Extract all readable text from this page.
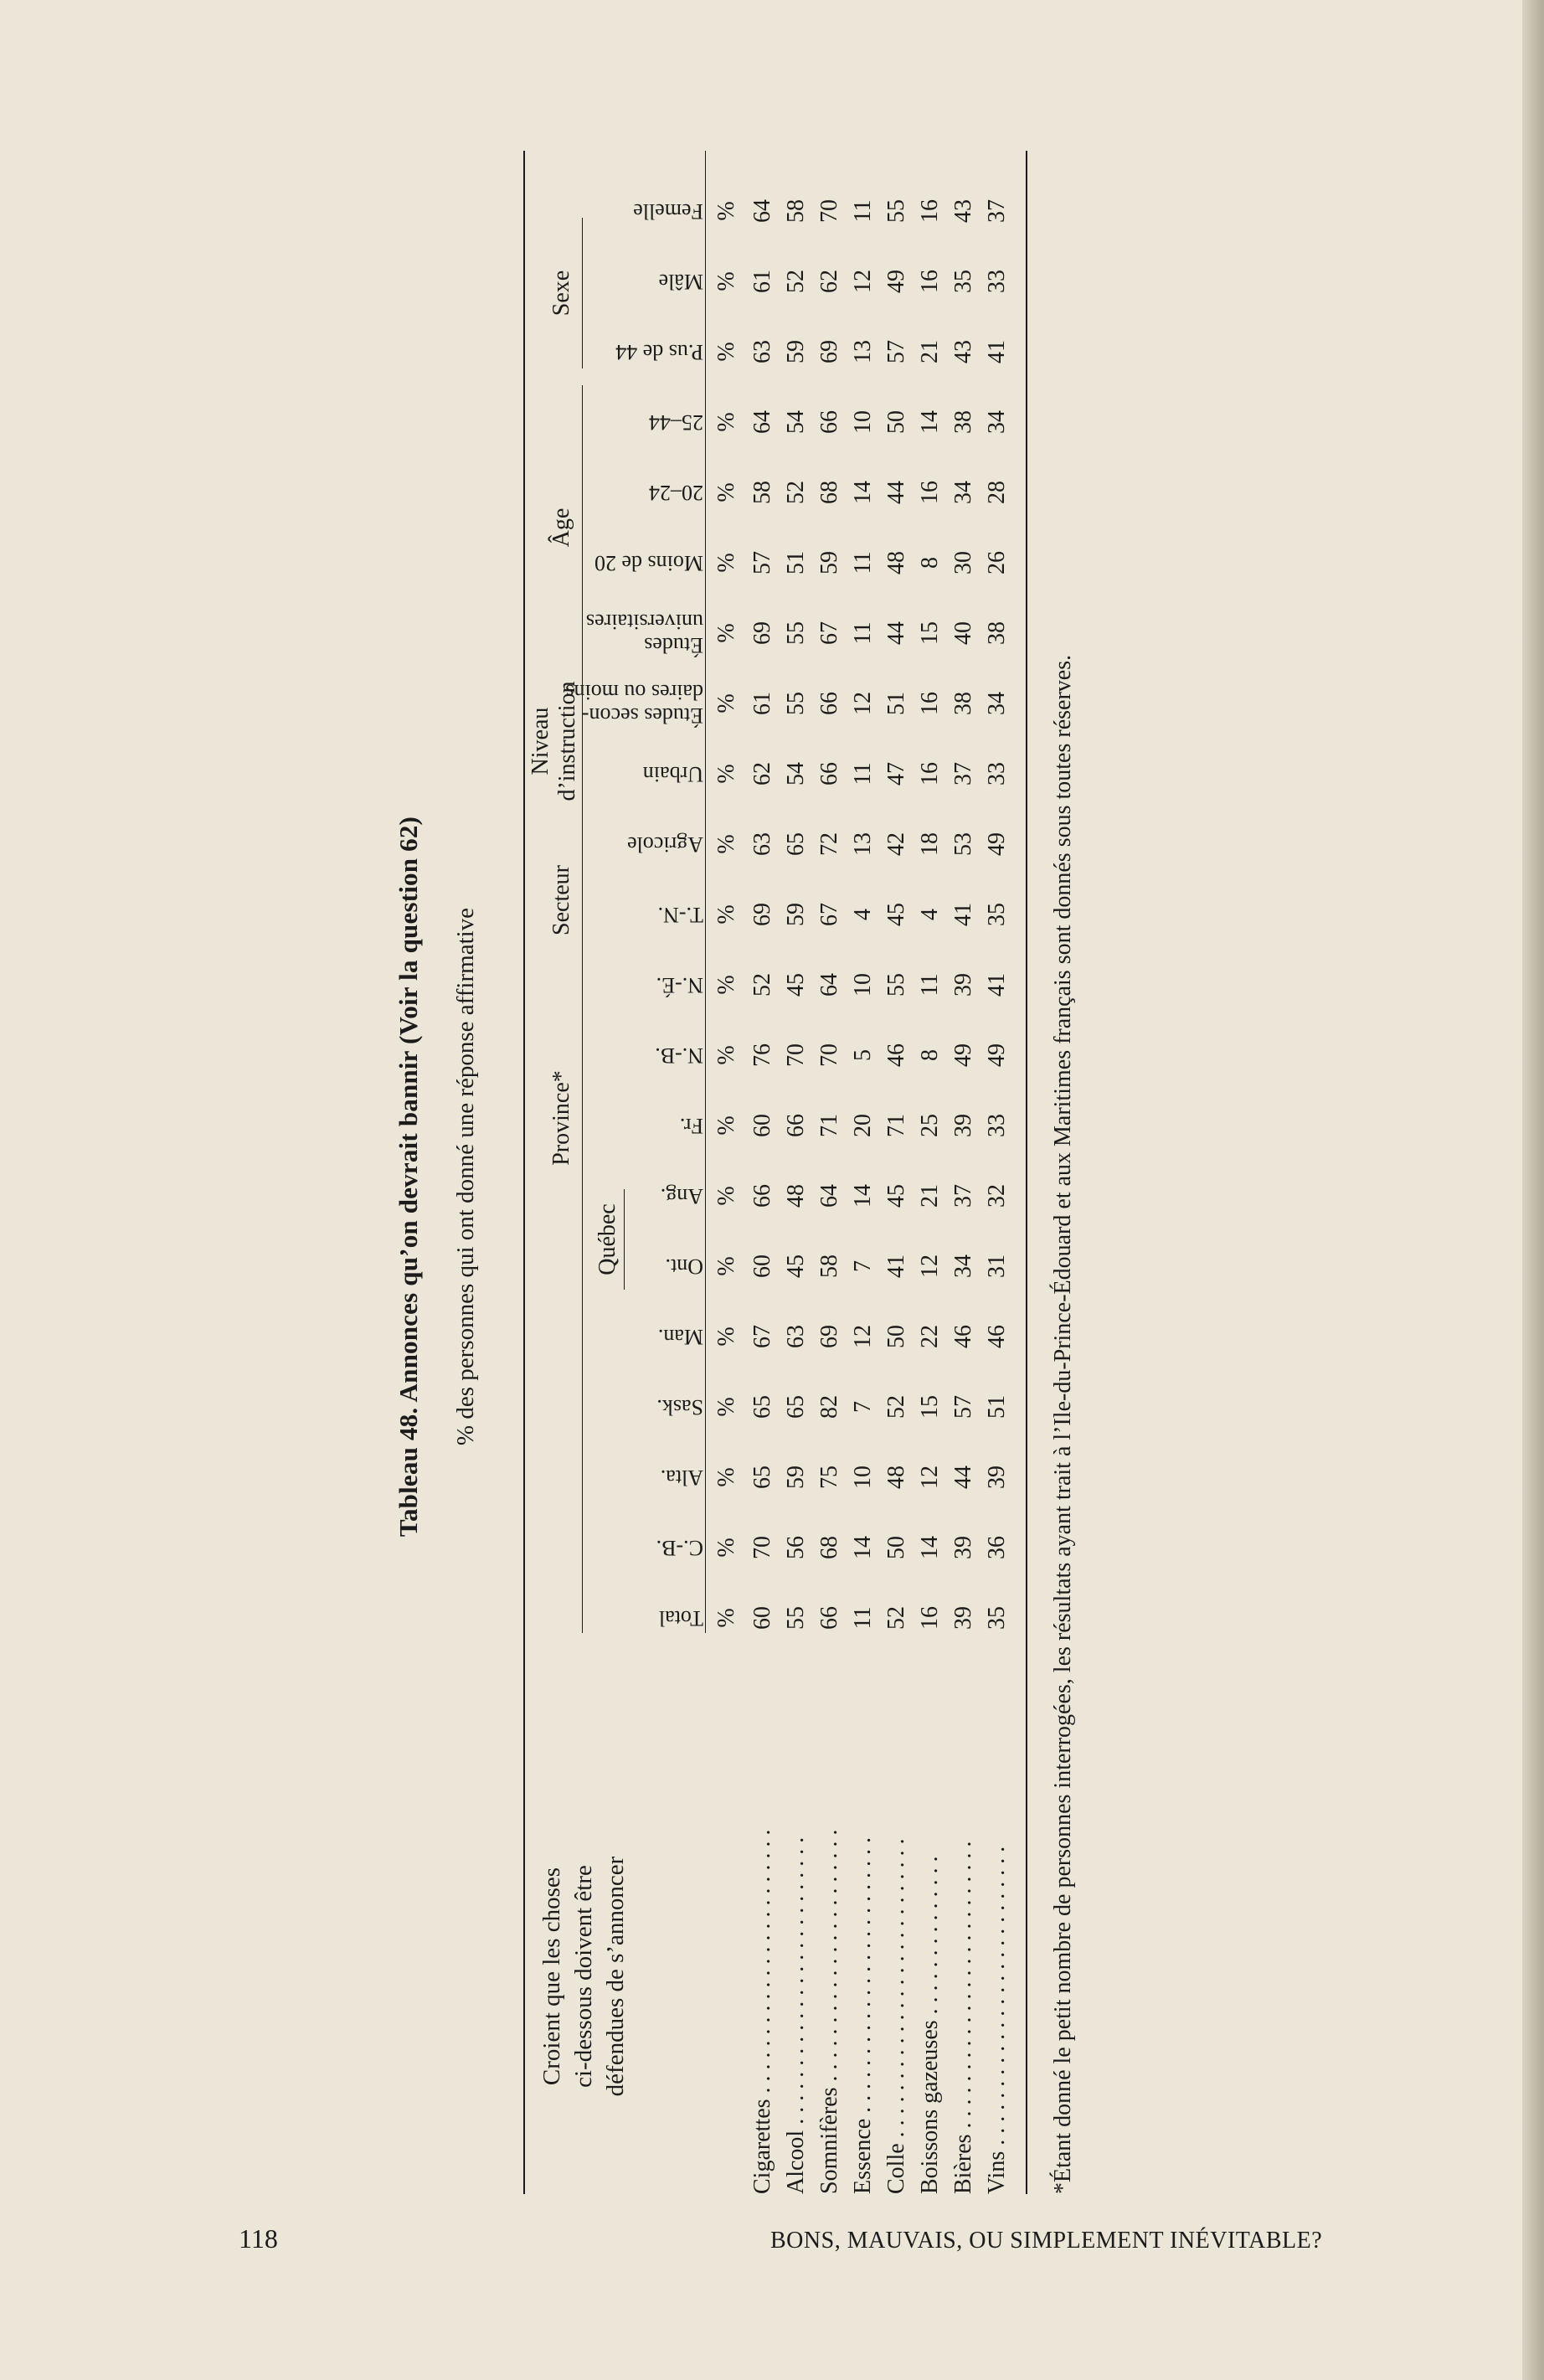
Tableau 48. Annonces qu’on devrait bannir (Voir la question 62) % des personnes qui ont donné une réponse affirmative
Croient que les choses ci-dessous doivent être défendues de s’annoncer
Province*
Québec
Secteur
Niveau d’instruction
Âge
Sexe
Total
C.-B.
Alta.
Sask.
Man.
Ont.
Ang.
Fr.
N.-B.
N.-É.
T.-N.
Agricole
Urbain
Études secon-
daires ou moins
Études
universitaires
Moins de 20
20–24
25–44
P.us de 44
Mâle
Femelle
%
%
%
%
%
%
%
%
%
%
%
%
%
%
%
%
%
%
%
%
%
Cigarettes . . . . . . . . . . . . . . . . . . . . . . .
60
70
65
65
67
60
66
60
76
52
69
63
62
61
69
57
58
64
63
61
64
Alcool . . . . . . . . . . . . . . . . . . . . . . . . .
55
56
59
65
63
45
48
66
70
45
59
65
54
55
55
51
52
54
59
52
58
Somnifères . . . . . . . . . . . . . . . . . . . . . .
66
68
75
82
69
58
64
71
70
64
67
72
66
66
67
59
68
66
69
62
70
Essence . . . . . . . . . . . . . . . . . . . . . . . .
11
14
10
7
12
7
14
20
5
10
4
13
11
12
11
11
14
10
13
12
11
Colle . . . . . . . . . . . . . . . . . . . . . . . . . .
52
50
48
52
50
41
45
71
46
55
45
42
47
51
44
48
44
50
57
49
55
Boissons gazeuses . . . . . . . . . . . . . .
16
14
12
15
22
12
21
25
8
11
4
18
16
16
15
8
16
14
21
16
16
Bières . . . . . . . . . . . . . . . . . . . . . . . . .
39
39
44
57
46
34
37
39
49
39
41
53
37
38
40
30
34
38
43
35
43
Vins . . . . . . . . . . . . . . . . . . . . . . . . . .
35
36
39
51
46
31
32
33
49
41
35
49
33
34
38
26
28
34
41
33
37
*Étant donné le petit nombre de personnes interrogées, les résultats ayant trait à l’Ile-du-Prince-Édouard et aux Maritimes français sont donnés sous toutes réserves.
118	BONS, MAUVAIS, OU SIMPLEMENT INÉVITABLE?
